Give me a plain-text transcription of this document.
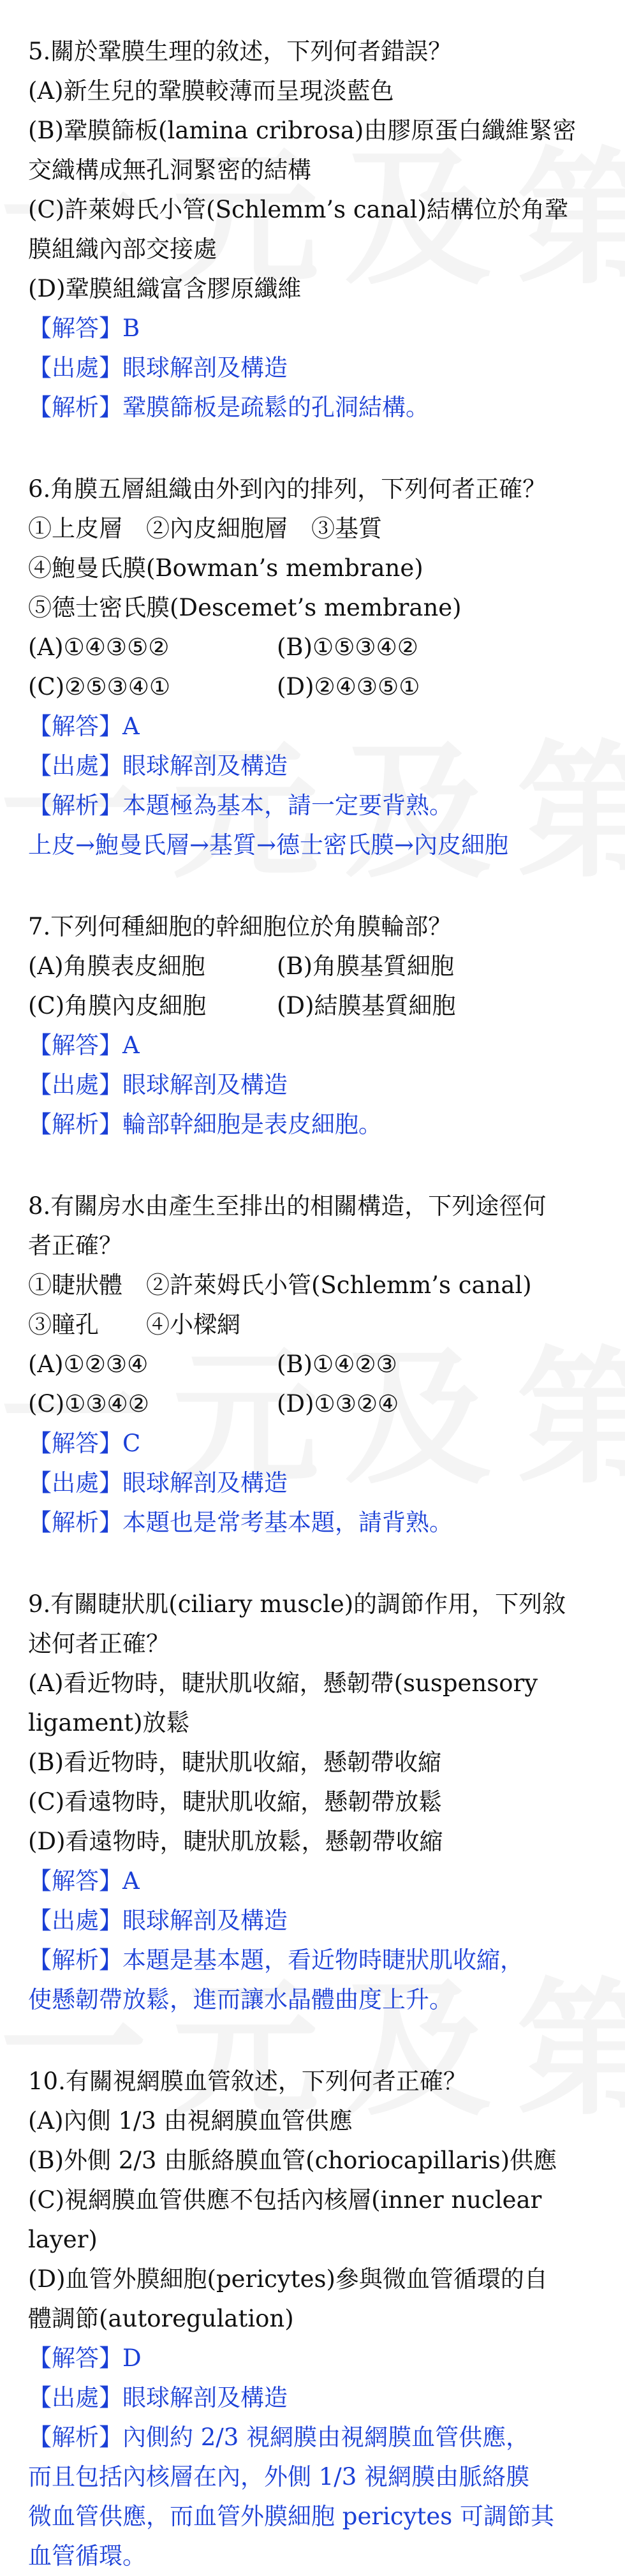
5.關於鞏膜生理的敘述，下列何者錯誤？

(A)新生兒的鞏膜較薄而呈現淡藍色

(B)鞏膜篩板(lamina cribrosa)由膠原蛋白纖維緊密

交織構成無孔洞緊密的結構

(C)許萊姆氏小管(Schlemm’s canal)結構位於角鞏

膜組織內部交接處

(D)鞏膜組織富含膠原纖維

【解答】B

【出處】眼球解剖及構造

【解析】鞏膜篩板是疏鬆的孔洞結構。

6.角膜五層組織由外到內的排列，下列何者正確？

①上皮層　②內皮細胞層　③基質

④鮑曼氏膜(Bowman’s membrane)

⑤德士密氏膜(Descemet’s membrane)

(A)①④③⑤②	(B)①⑤③④②

(C)②⑤③④①	(D)②④③⑤①

【解答】A

【出處】眼球解剖及構造

【解析】本題極為基本，請一定要背熟。

上皮→鮑曼氏層→基質→德士密氏膜→內皮細胞

7.下列何種細胞的幹細胞位於角膜輪部？

(A)角膜表皮細胞	(B)角膜基質細胞

(C)角膜內皮細胞	(D)結膜基質細胞

【解答】A

【出處】眼球解剖及構造

【解析】輪部幹細胞是表皮細胞。

8.有關房水由產生至排出的相關構造，下列途徑何

者正確？

①睫狀體　②許萊姆氏小管(Schlemm’s canal)

③瞳孔　　④小樑網

(A)①②③④	(B)①④②③

(C)①③④②	(D)①③②④

【解答】C

【出處】眼球解剖及構造

【解析】本題也是常考基本題，請背熟。

9.有關睫狀肌(ciliary muscle)的調節作用，下列敘

述何者正確？

(A)看近物時，睫狀肌收縮，懸韌帶(suspensory

ligament)放鬆

(B)看近物時，睫狀肌收縮，懸韌帶收縮

(C)看遠物時，睫狀肌收縮，懸韌帶放鬆

(D)看遠物時，睫狀肌放鬆，懸韌帶收縮

【解答】A

【出處】眼球解剖及構造

【解析】本題是基本題，看近物時睫狀肌收縮，

使懸韌帶放鬆，進而讓水晶體曲度上升。

10.有關視網膜血管敘述，下列何者正確？

(A)內側 1/3 由視網膜血管供應

(B)外側 2/3 由脈絡膜血管(choriocapillaris)供應

(C)視網膜血管供應不包括內核層(inner nuclear

layer)

(D)血管外膜細胞(pericytes)參與微血管循環的自

體調節(autoregulation)

【解答】D

【出處】眼球解剖及構造

【解析】內側約 2/3 視網膜由視網膜血管供應，

而且包括內核層在內，外側 1/3 視網膜由脈絡膜

微血管供應，而血管外膜細胞 pericytes 可調節其

血管循環。
